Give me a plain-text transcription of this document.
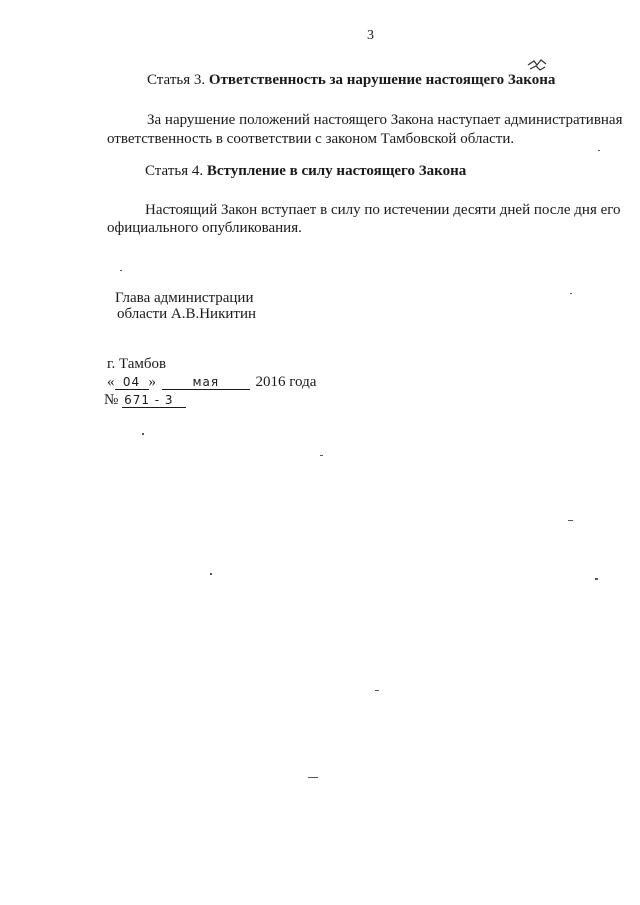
3
Статья 3. Ответственность за нарушение настоящего Закона
За нарушение положений настоящего Закона наступает административная
ответственность в соответствии с законом Тамбовской области.
Статья 4. Вступление в силу настоящего Закона
Настоящий Закон вступает в силу по истечении десяти дней после дня его
официального опубликования.
Глава администрации
области А.В.Никитин
г. Тамбов
« 04 »	мая 2016 года
№ 671 - 3
